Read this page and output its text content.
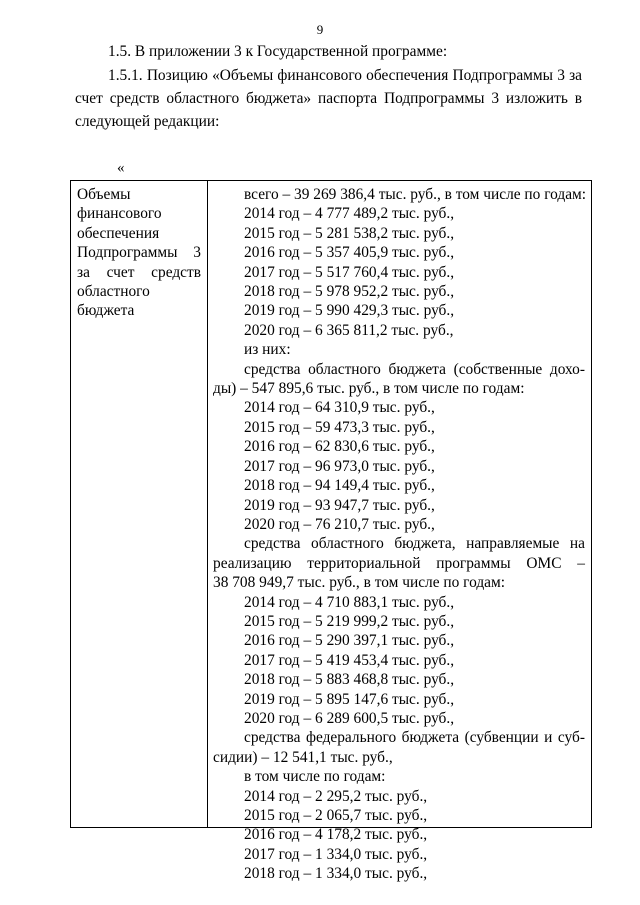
9

1.5. В приложении 3 к Государственной программе:

1.5.1. Позицию «Объемы финансового обеспечения Подпрограммы 3 за счет средств областного бюджета» паспорта Подпрограммы 3 изложить в следующей редакции:

«
Объемы финансового обеспечения Подпрограммы 3 за счет средств областного бюджета
всего – 39 269 386,4 тыс. руб., в том числе по годам:
2014 год – 4 777 489,2 тыс. руб.,
2015 год – 5 281 538,2 тыс. руб.,
2016 год – 5 357 405,9 тыс. руб.,
2017 год – 5 517 760,4 тыс. руб.,
2018 год – 5 978 952,2 тыс. руб.,
2019 год – 5 990 429,3 тыс. руб.,
2020 год – 6 365 811,2 тыс. руб.,
из них:
средства областного бюджета (собственные дохо-
ды) – 547 895,6 тыс. руб., в том числе по годам:
2014 год – 64 310,9 тыс. руб.,
2015 год – 59 473,3 тыс. руб.,
2016 год – 62 830,6 тыс. руб.,
2017 год – 96 973,0 тыс. руб.,
2018 год – 94 149,4 тыс. руб.,
2019 год – 93 947,7 тыс. руб.,
2020 год – 76 210,7 тыс. руб.,
средства областного бюджета, направляемые на
реализацию территориальной программы ОМС –
38 708 949,7 тыс. руб., в том числе по годам:
2014 год – 4 710 883,1 тыс. руб.,
2015 год – 5 219 999,2 тыс. руб.,
2016 год – 5 290 397,1 тыс. руб.,
2017 год – 5 419 453,4 тыс. руб.,
2018 год – 5 883 468,8 тыс. руб.,
2019 год – 5 895 147,6 тыс. руб.,
2020 год – 6 289 600,5 тыс. руб.,
средства федерального бюджета (субвенции и суб-
сидии) – 12 541,1 тыс. руб.,
в том числе по годам:
2014 год – 2 295,2 тыс. руб.,
2015 год – 2 065,7 тыс. руб.,
2016 год – 4 178,2 тыс. руб.,
2017 год – 1 334,0 тыс. руб.,
2018 год – 1 334,0 тыс. руб.,
